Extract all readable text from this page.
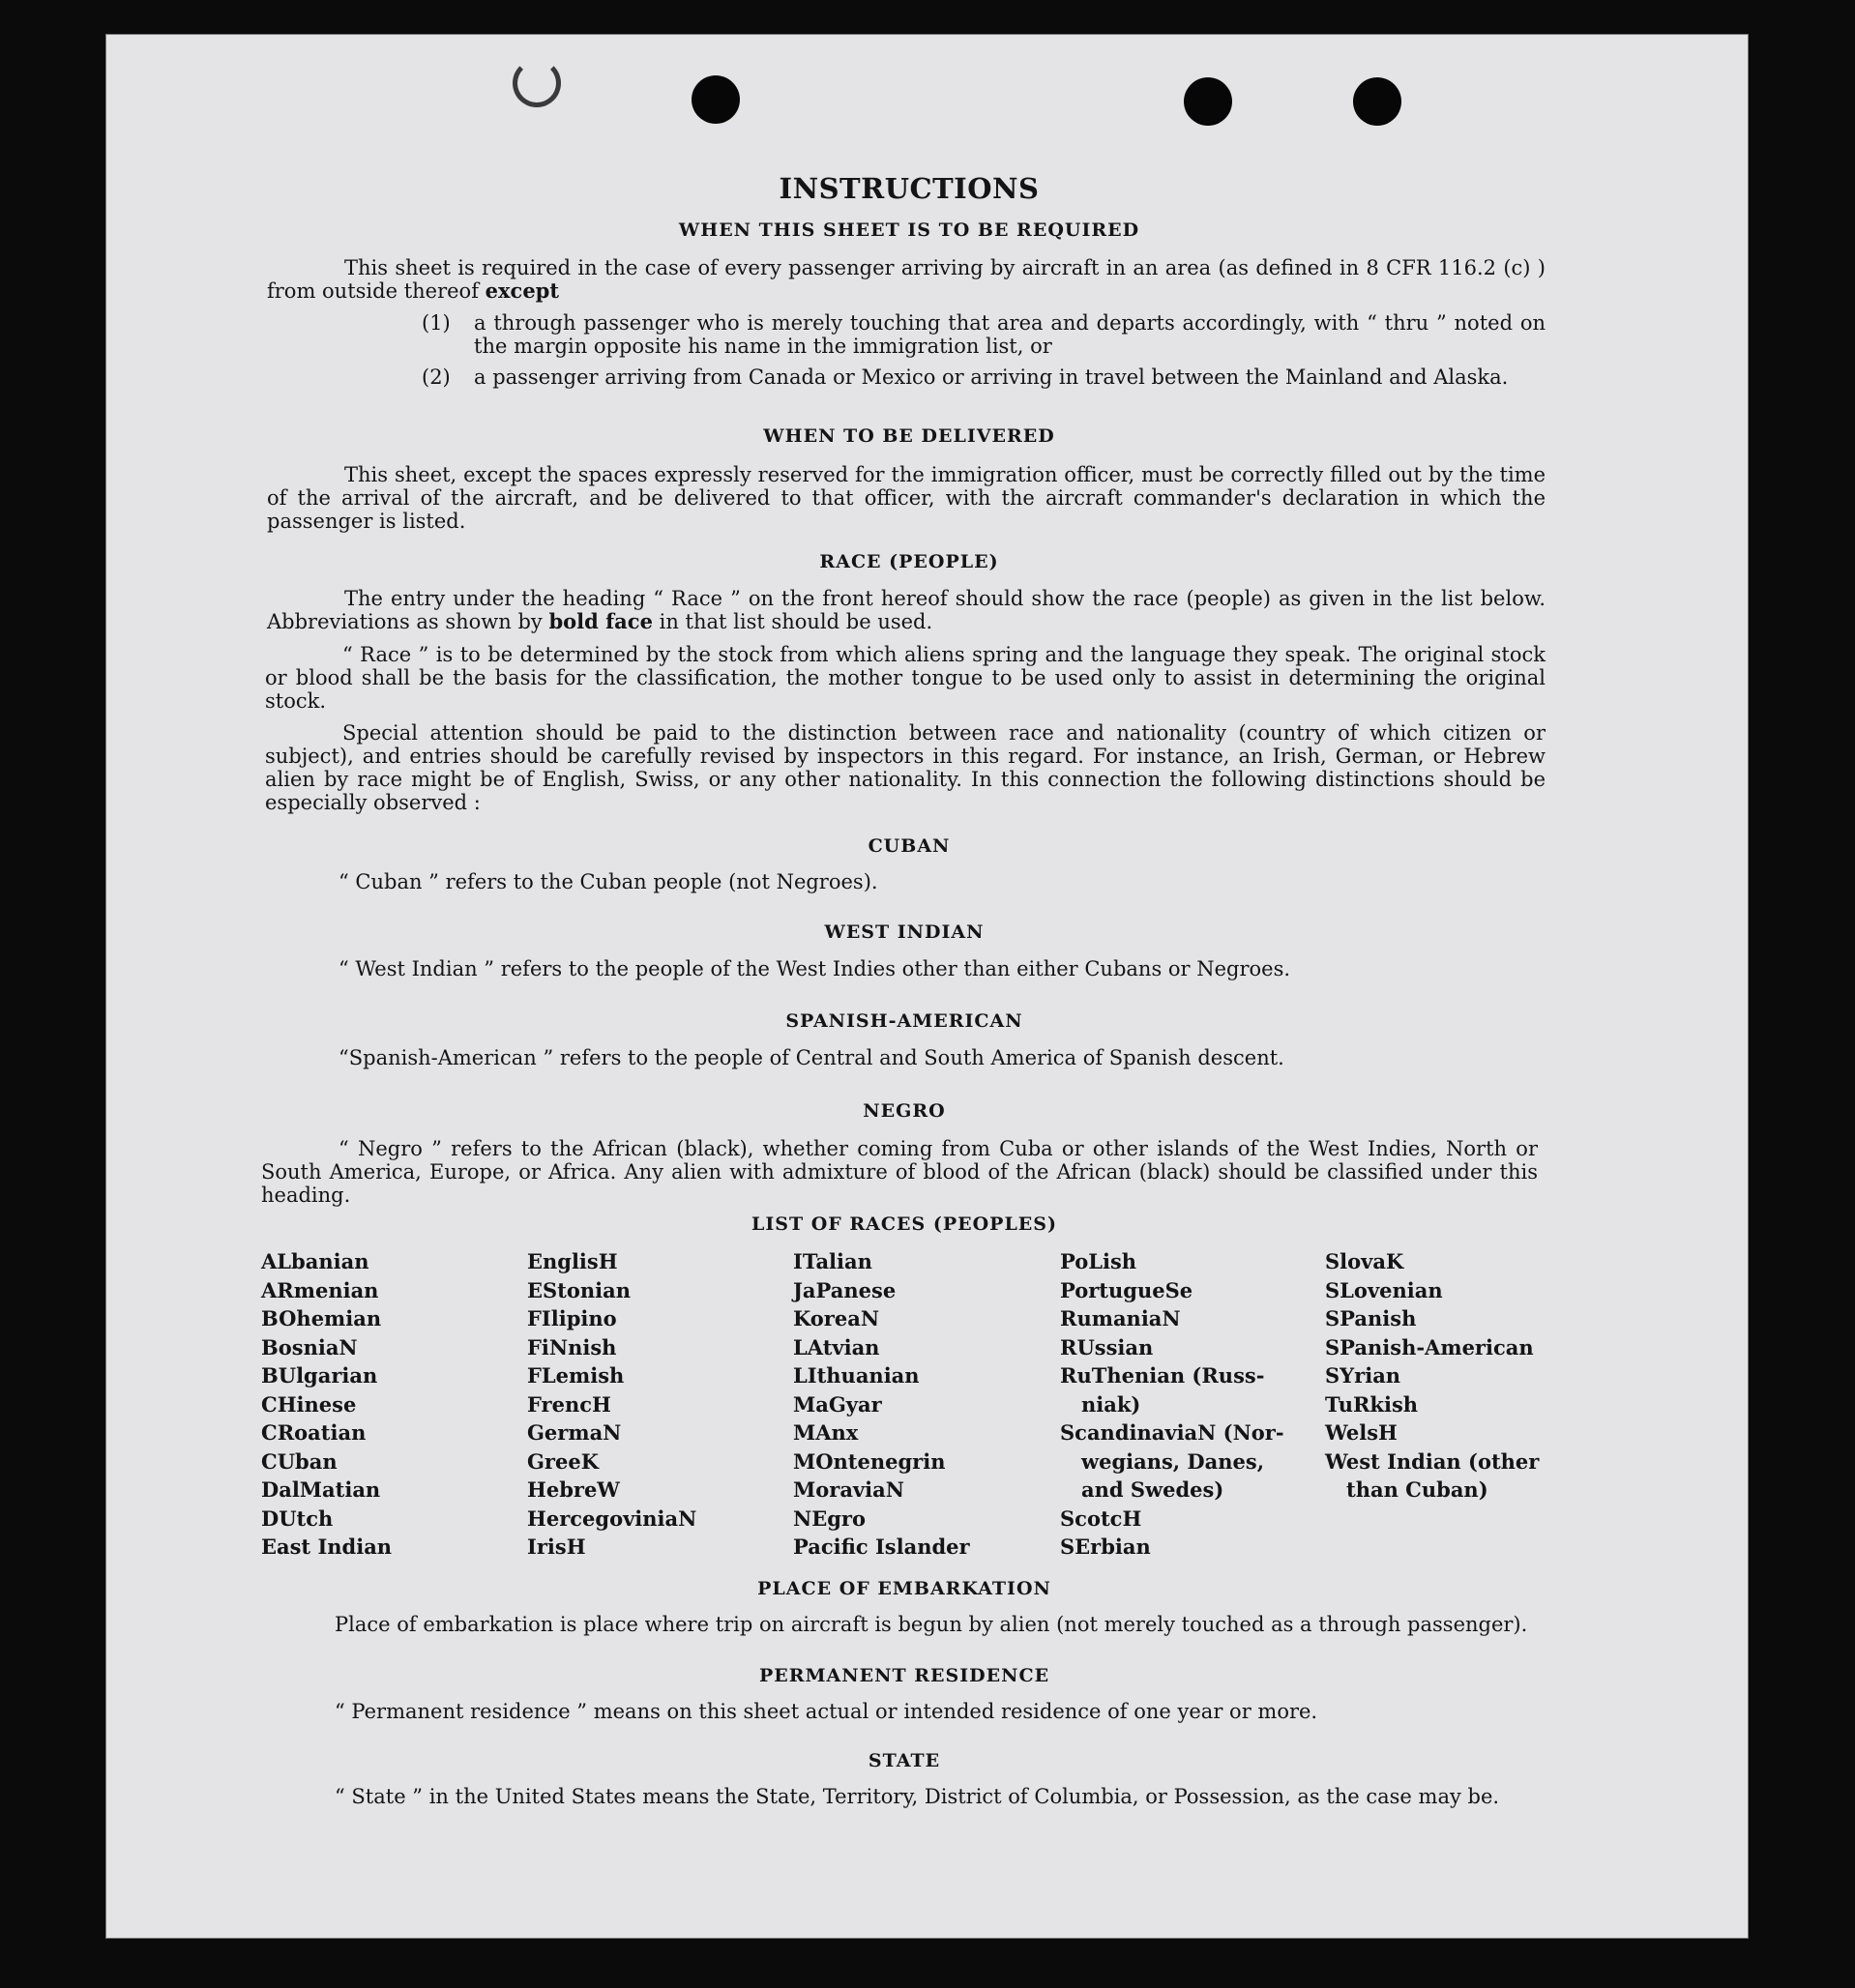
INSTRUCTIONS
WHEN THIS SHEET IS TO BE REQUIRED
This sheet is required in the case of every passenger arriving by aircraft in an area (as defined in 8 CFR 116.2 (c) ) from outside thereof except
(1)	a through passenger who is merely touching that area and departs accordingly, with “ thru ” noted on the margin opposite his name in the immigration list, or
(2)	a passenger arriving from Canada or Mexico or arriving in travel between the Mainland and Alaska.
WHEN TO BE DELIVERED
This sheet, except the spaces expressly reserved for the immigration officer, must be correctly filled out by the time of the arrival of the aircraft, and be delivered to that officer, with the aircraft commander's declaration in which the passenger is listed.
RACE (PEOPLE)
The entry under the heading “ Race ” on the front hereof should show the race (people) as given in the list below. Abbreviations as shown by bold face in that list should be used.
“ Race ” is to be determined by the stock from which aliens spring and the language they speak. The original stock or blood shall be the basis for the classification, the mother tongue to be used only to assist in determining the original stock.
Special attention should be paid to the distinction between race and nationality (country of which citizen or subject), and entries should be carefully revised by inspectors in this regard. For instance, an Irish, German, or Hebrew alien by race might be of English, Swiss, or any other nationality. In this connection the following distinctions should be especially observed :
CUBAN
“ Cuban ” refers to the Cuban people (not Negroes).
WEST INDIAN
“ West Indian ” refers to the people of the West Indies other than either Cubans or Negroes.
SPANISH-AMERICAN
“Spanish-American ” refers to the people of Central and South America of Spanish descent.
NEGRO
“ Negro ” refers to the African (black), whether coming from Cuba or other islands of the West Indies, North or South America, Europe, or Africa. Any alien with admixture of blood of the African (black) should be classified under this heading.
LIST OF RACES (PEOPLES)
ALbanian
ARmenian
BOhemian
BosniaN
BUlgarian
CHinese
CRoatian
CUban
DalMatian
DUtch
East Indian
EnglisH
EStonian
FIlipino
FiNnish
FLemish
FrencH
GermaN
GreeK
HebreW
HercegoviniaN
IrisH
ITalian
JaPanese
KoreaN
LAtvian
LIthuanian
MaGyar
MAnx
MOntenegrin
MoraviaN
NEgro
Pacific Islander
PoLish
PortugueSe
RumaniaN
RUssian
RuThenian (Russ-
niak)
ScandinaviaN (Nor-
wegians, Danes,
and Swedes)
ScotcH
SErbian
SlovaK
SLovenian
SPanish
SPanish-American
SYrian
TuRkish
WelsH
West Indian (other
than Cuban)
PLACE OF EMBARKATION
Place of embarkation is place where trip on aircraft is begun by alien (not merely touched as a through passenger).
PERMANENT RESIDENCE
“ Permanent residence ” means on this sheet actual or intended residence of one year or more.
STATE
“ State ” in the United States means the State, Territory, District of Columbia, or Possession, as the case may be.
